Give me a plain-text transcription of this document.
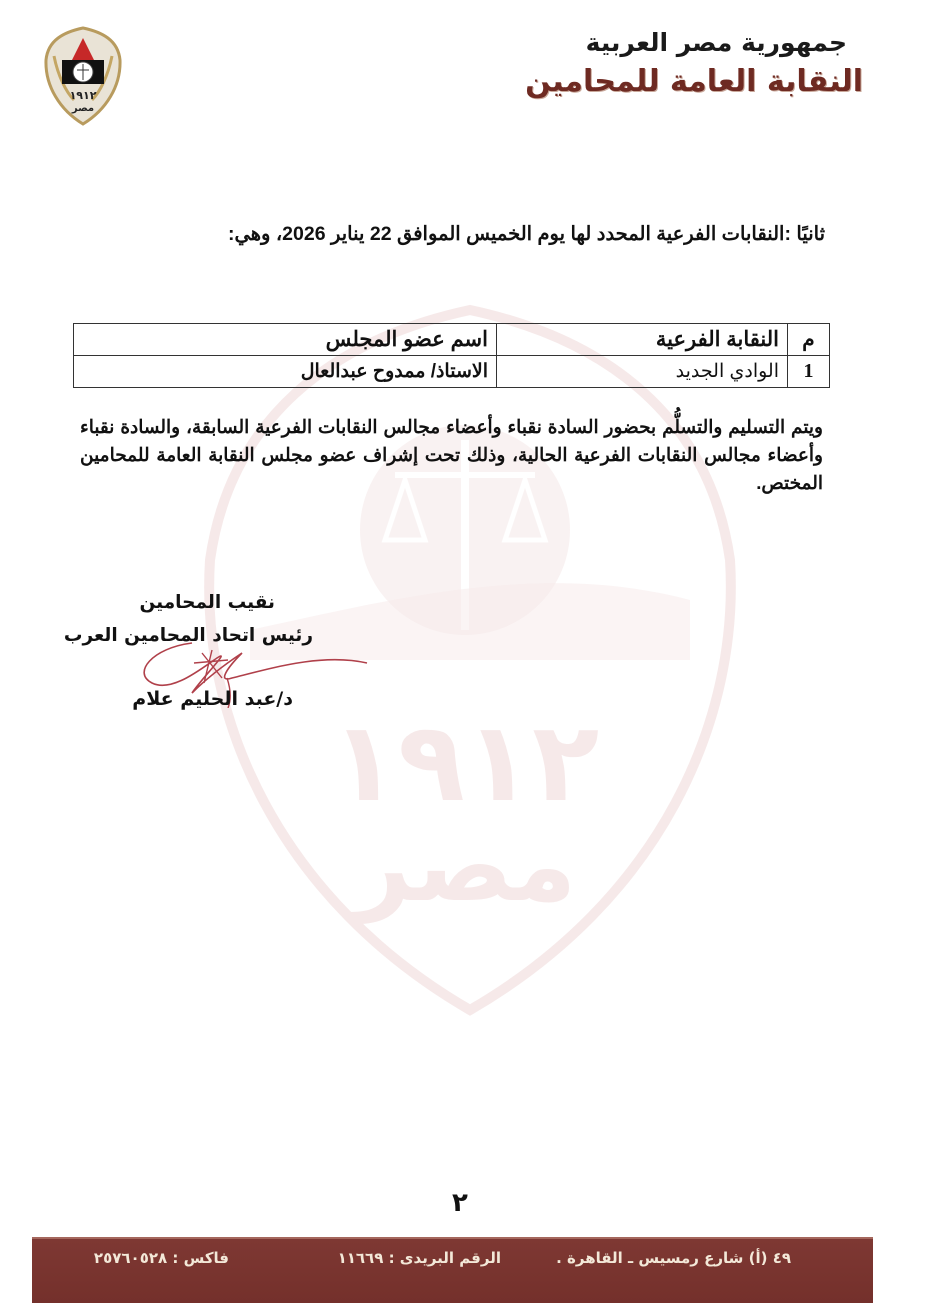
١٩١٢
مصر
جمهورية مصر العربية
النقابة العامة للمحامين
١٩١٢
مصر
ثانيًا :النقابات الفرعية المحدد لها يوم الخميس الموافق 22 يناير 2026، وهي:
م	النقابة الفرعية	اسم عضو المجلس
1	الوادي الجديد	الاستاذ/ ممدوح عبدالعال
ويتم التسليم والتسلُّم بحضور السادة نقباء وأعضاء مجالس النقابات الفرعية السابقة، والسادة نقباء وأعضاء مجالس النقابات الفرعية الحالية، وذلك تحت إشراف عضو مجلس النقابة العامة للمحامين المختص.
نقيب المحامين
رئيس اتحاد المحامين العرب
د/عبد الحليم علام
٢
٤٩ (أ) شارع رمسيس ـ القاهرة .
الرقم البريدى : ١١٦٦٩
فاكس : ٢٥٧٦٠٥٢٨
